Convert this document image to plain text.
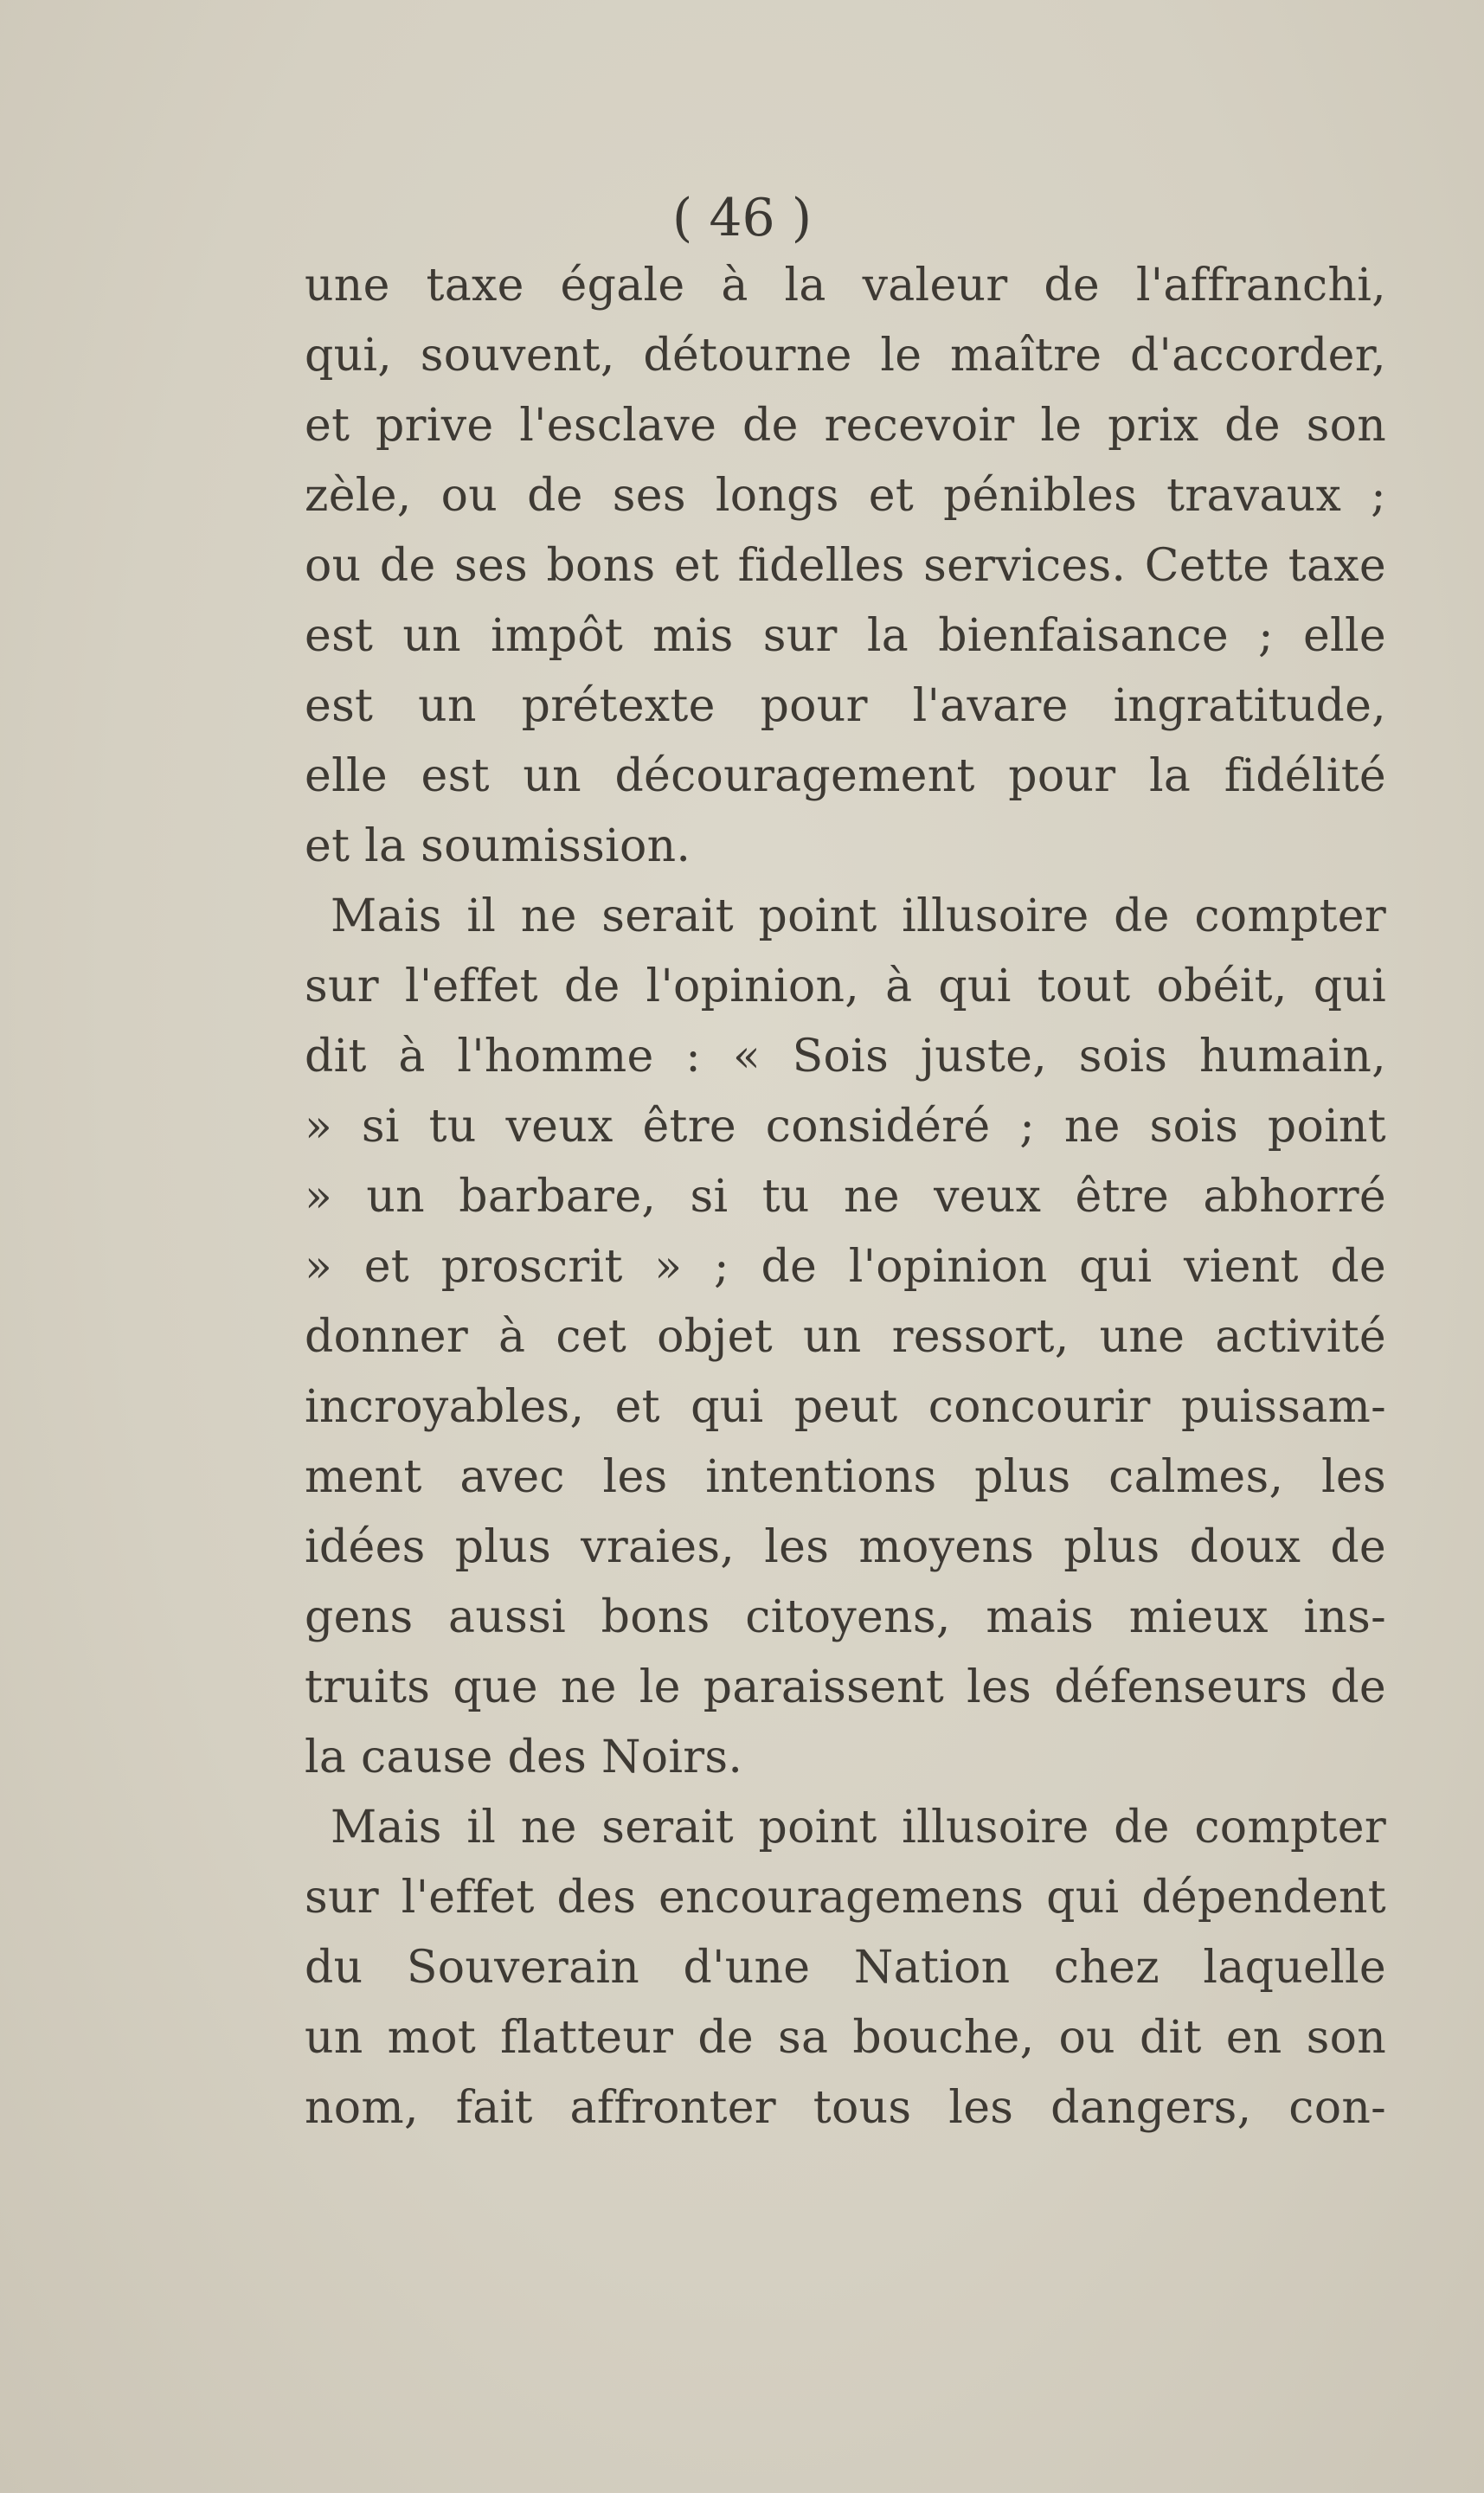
( 46 )
une taxe égale à la valeur de l'affranchi,
qui, souvent, détourne le maître d'accorder,
et prive l'esclave de recevoir le prix de son
zèle, ou de ses longs et pénibles travaux ;
ou de ses bons et fidelles services. Cette taxe
est un impôt mis sur la bienfaisance ; elle
est un prétexte pour l'avare ingratitude,
elle est un découragement pour la fidélité
et la soumission.
Mais il ne serait point illusoire de compter
sur l'effet de l'opinion, à qui tout obéit, qui
dit à l'homme : « Sois juste, sois humain,
» si tu veux être considéré ; ne sois point
» un barbare, si tu ne veux être abhorré
» et proscrit » ; de l'opinion qui vient de
donner à cet objet un ressort, une activité
incroyables, et qui peut concourir puissam-
ment avec les intentions plus calmes, les
idées plus vraies, les moyens plus doux de
gens aussi bons citoyens, mais mieux ins-
truits que ne le paraissent les défenseurs de
la cause des Noirs.
Mais il ne serait point illusoire de compter
sur l'effet des encouragemens qui dépendent
du Souverain d'une Nation chez laquelle
un mot flatteur de sa bouche, ou dit en son
nom, fait affronter tous les dangers, con-
